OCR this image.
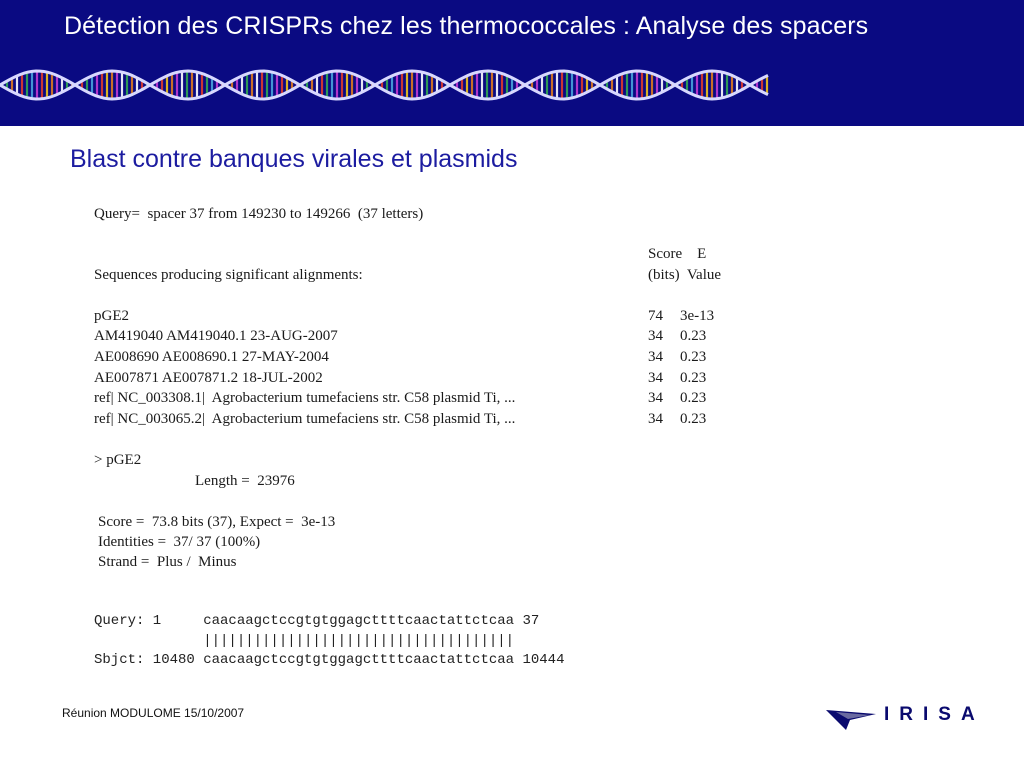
Détection des CRISPRs chez les thermococcales : Analyse des spacers
Blast contre banques virales et plasmids
Query=  spacer 37 from 149230 to 149266  (37 letters)
Score    E
Sequences producing significant alignments:	(bits)  Value
pGE2	74 3e-13
AM419040 AM419040.1 23-AUG-2007	34 0.23
AE008690 AE008690.1 27-MAY-2004	34 0.23
AE007871 AE007871.2 18-JUL-2002	34 0.23
ref| NC_003308.1|  Agrobacterium tumefaciens str. C58 plasmid Ti, ...	34 0.23
ref| NC_003065.2|  Agrobacterium tumefaciens str. C58 plasmid Ti, ...	34 0.23
> pGE2
Length =  23976
Score =  73.8 bits (37), Expect =  3e-13
Identities =  37/ 37 (100%)
Strand =  Plus /  Minus
Query: 1     caacaagctccgtgtggagcttttcaactattctcaa 37
|||||||||||||||||||||||||||||||||||||
Sbjct: 10480 caacaagctccgtgtggagcttttcaactattctcaa 10444
Réunion MODULOME 15/10/2007	IRISA
